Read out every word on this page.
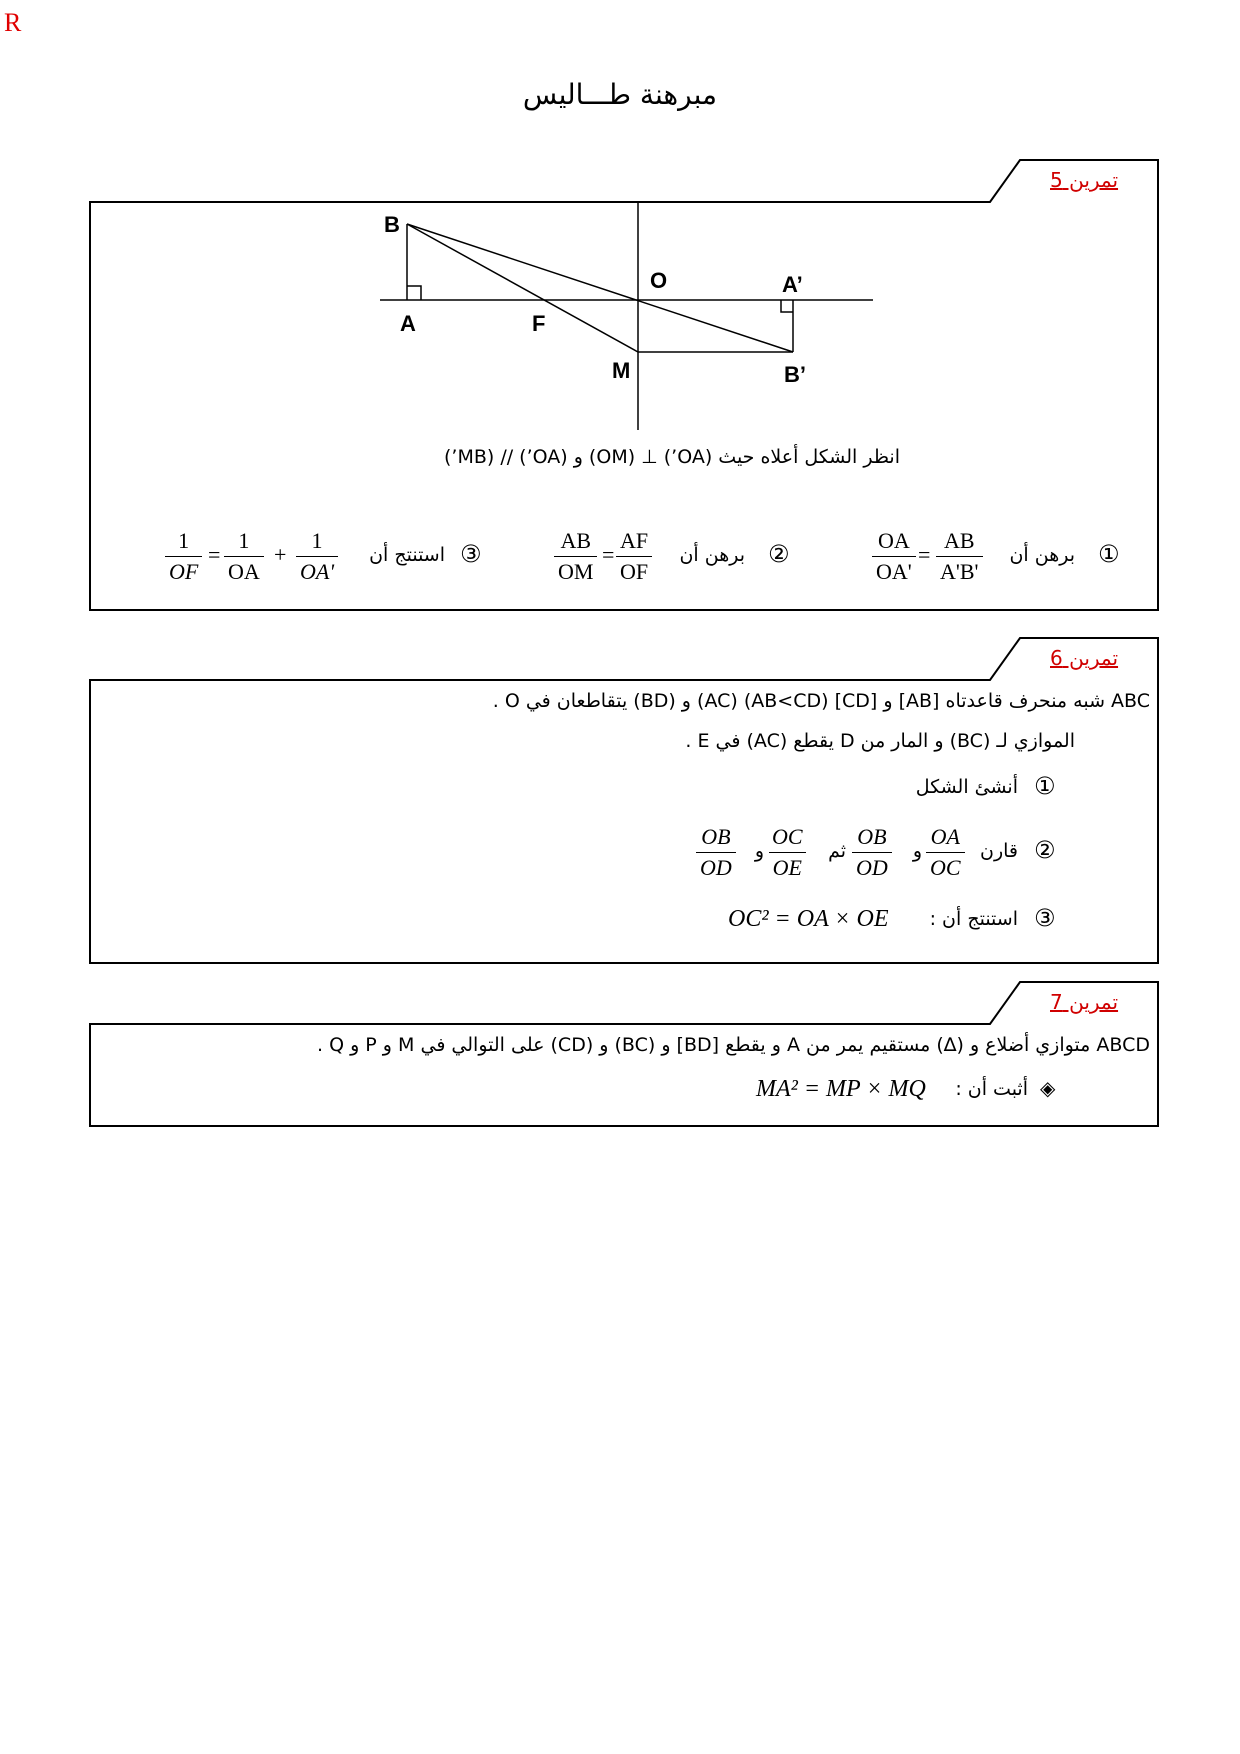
R
مبرهنة طـــاليس
تمرين 5
B
O	A’
A	F
M	B’
انظر الشكل أعلاه حيث (OA’) ⊥ (OM) و (OA’) // (MB’)
①
برهن أن
$\frac{OA}{OA'} = \frac{AB}{A'B'}$
②
برهن أن
$\frac{AB}{OM} = \frac{AF}{OF}$
③
استنتج أن
$\frac{1}{OF} = \frac{1}{OA} + \frac{1}{OA'}$
تمرين 6
ABC شبه منحرف قاعدتاه [AB] و [CD] (AB<CD) (AC) و (BD) يتقاطعان في O .
الموازي لـ (BC) و المار من D يقطع (AC) في E .
①
أنشئ الشكل
②
قارن
$\frac{OA}{OC}$
و
$\frac{OB}{OD}$
ثم
$\frac{OC}{OE}$
و
$\frac{OB}{OD}$
③
استنتج أن :
OC² = OA × OE
تمرين 7
ABCD متوازي أضلاع و (∆) مستقيم يمر من A و يقطع [BD] و (BC) و (CD) على التوالي في M و P و Q .
◈
أثبت أن :
MA² = MP × MQ
